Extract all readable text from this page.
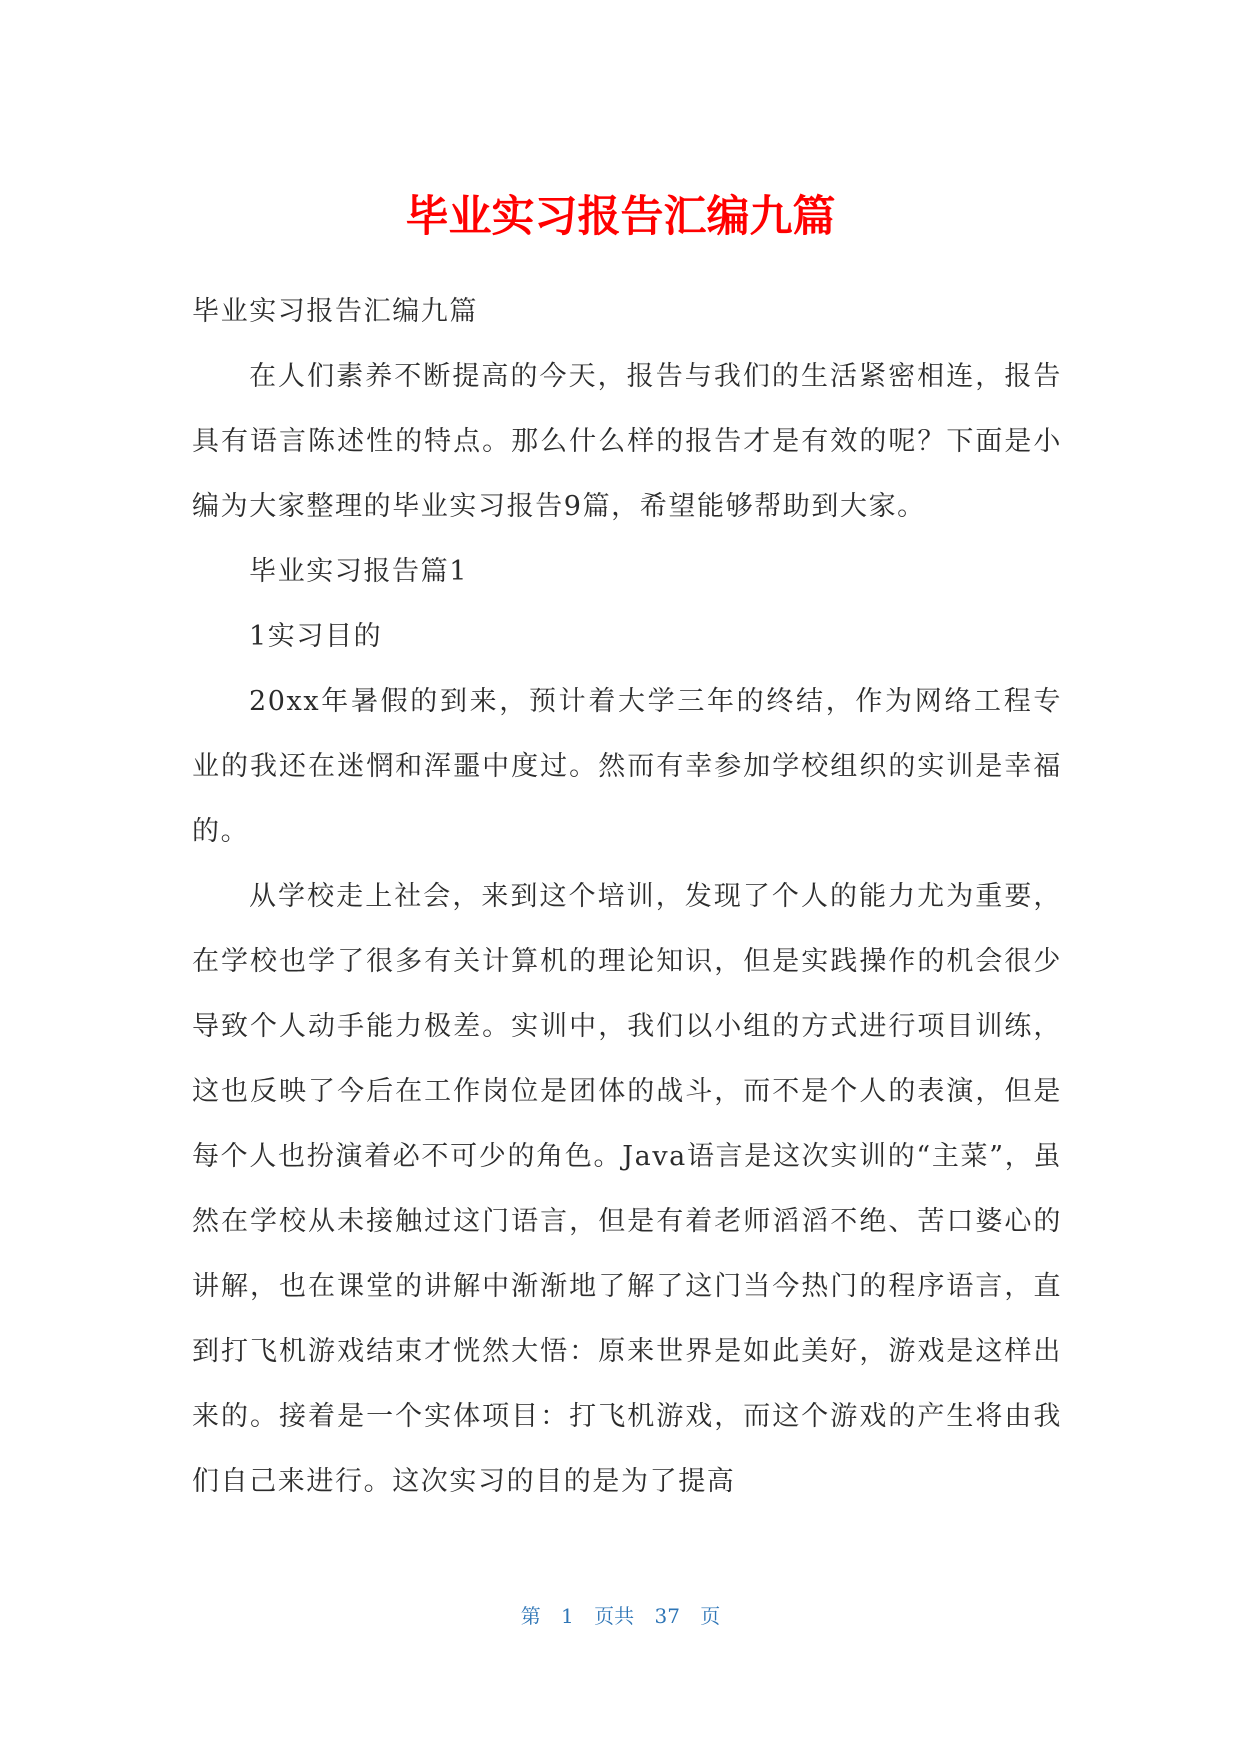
毕业实习报告汇编九篇

毕业实习报告汇编九篇

在人们素养不断提高的今天，报告与我们的生活紧密相连，报告具有语言陈述性的特点。那么什么样的报告才是有效的呢？下面是小编为大家整理的毕业实习报告9篇，希望能够帮助到大家。

毕业实习报告篇1

1实习目的

20xx年暑假的到来，预计着大学三年的终结，作为网络工程专业的我还在迷惘和浑噩中度过。然而有幸参加学校组织的实训是幸福的。

从学校走上社会，来到这个培训，发现了个人的能力尤为重要，在学校也学了很多有关计算机的理论知识，但是实践操作的机会很少导致个人动手能力极差。实训中，我们以小组的方式进行项目训练，这也反映了今后在工作岗位是团体的战斗，而不是个人的表演，但是每个人也扮演着必不可少的角色。Java语言是这次实训的“主菜”，虽然在学校从未接触过这门语言，但是有着老师滔滔不绝、苦口婆心的讲解，也在课堂的讲解中渐渐地了解了这门当今热门的程序语言，直到打飞机游戏结束才恍然大悟：原来世界是如此美好，游戏是这样出来的。接着是一个实体项目：打飞机游戏，而这个游戏的产生将由我们自己来进行。这次实习的目的是为了提高

第 1 页共 37 页
